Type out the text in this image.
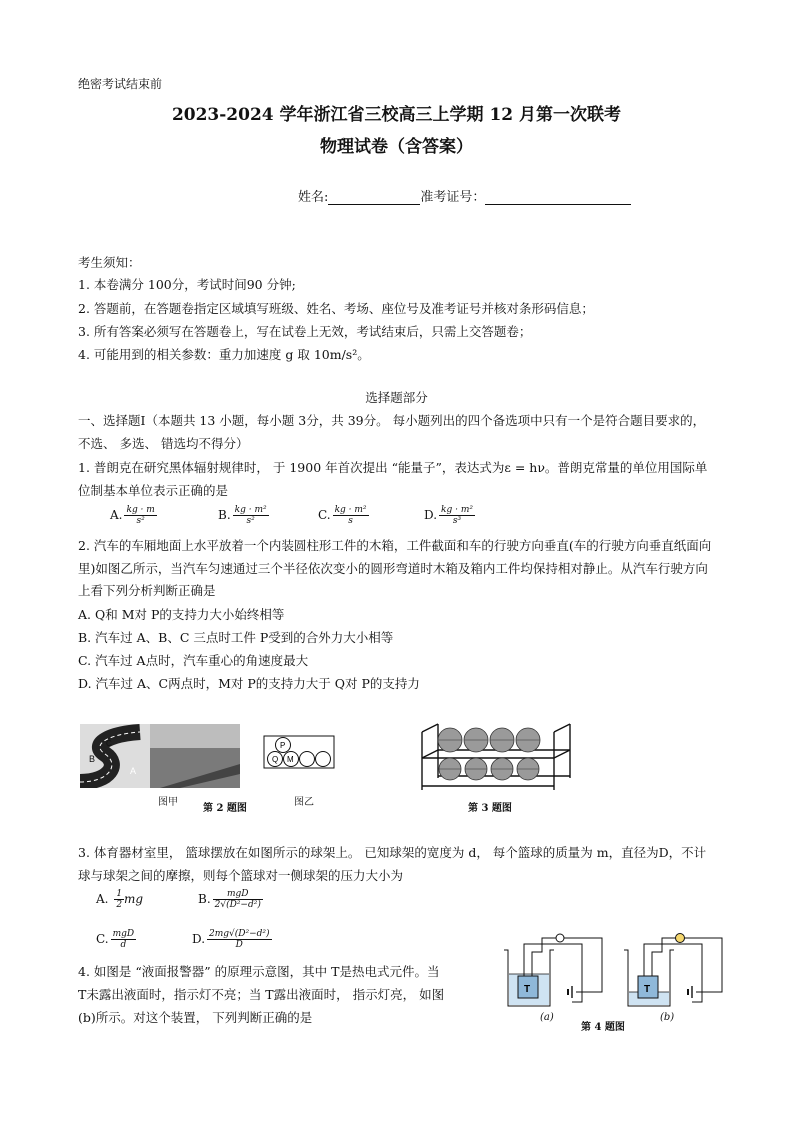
绝密考试结束前
2023-2024 学年浙江省三校高三上学期 12 月第一次联考
物理试卷（含答案）
姓名:	准考证号：
考生须知：
1. 本卷满分 100分，考试时间90 分钟;
2. 答题前，在答题卷指定区域填写班级、姓名、考场、座位号及准考证号并核对条形码信息；
3. 所有答案必须写在答题卷上，写在试卷上无效，考试结束后，只需上交答题卷；
4. 可能用到的相关参数：重力加速度 g 取 10m/s²。
选择题部分
一、选择题Ⅰ（本题共 13 小题，每小题 3分，共 39分。 每小题列出的四个备选项中只有一个是符合题目要求的， 不选、 多选、 错选均不得分）
1. 普朗克在研究黑体辐射规律时， 于 1900 年首次提出 “能量子”，表达式为ε = hν。普朗克常量的单位用国际单位制基本单位表示正确的是
A. $\frac{kg \cdot m}{\text{s²}}$	B. $\frac{\text{kg · m²}}{\text{s²}}$	C. $\frac{\text{kg · m²}}{s}$	D. $\frac{\text{kg · m²}}{\text{s³}}$
2. 汽车的车厢地面上水平放着一个内装圆柱形工件的木箱，工件截面和车的行驶方向垂直(车的行驶方向垂直纸面向里)如图乙所示，当汽车匀速通过三个半径依次变小的圆形弯道时木箱及箱内工件均保持相对静止。从汽车行驶方向上看下列分析判断正确是
A. Q和 M对 P的支持力大小始终相等
B. 汽车过 A、B、C 三点时工件 P受到的合外力大小相等
C. 汽车过 A点时，汽车重心的角速度最大
D. 汽车过 A、C两点时，M对 P的支持力大于 Q对 P的支持力
C
B
A
P
Q M
图甲
第 2 题图
图乙
第 3 题图
3. 体育器材室里， 篮球摆放在如图所示的球架上。 已知球架的宽度为 d， 每个篮球的质量为 m，直径为D，不计球与球架之间的摩擦，则每个篮球对一侧球架的压力大小为
A. $\frac{1}{2}$ mg	B. $\frac{\text{mgD}}{\text{2√(D²−d²)}}$
C. $\frac{\text{mgD}}{d}$	D. $\frac{\text{2mg√(D²−d²)}}{D}$
4. 如图是 “液面报警器” 的原理示意图，其中 T是热电式元件。当
T未露出液面时，指示灯不亮；当 T露出液面时， 指示灯亮， 如图
(b)所示。对这个装置， 下列判断正确的是
T
(a)
T
(b)
第 4 题图
